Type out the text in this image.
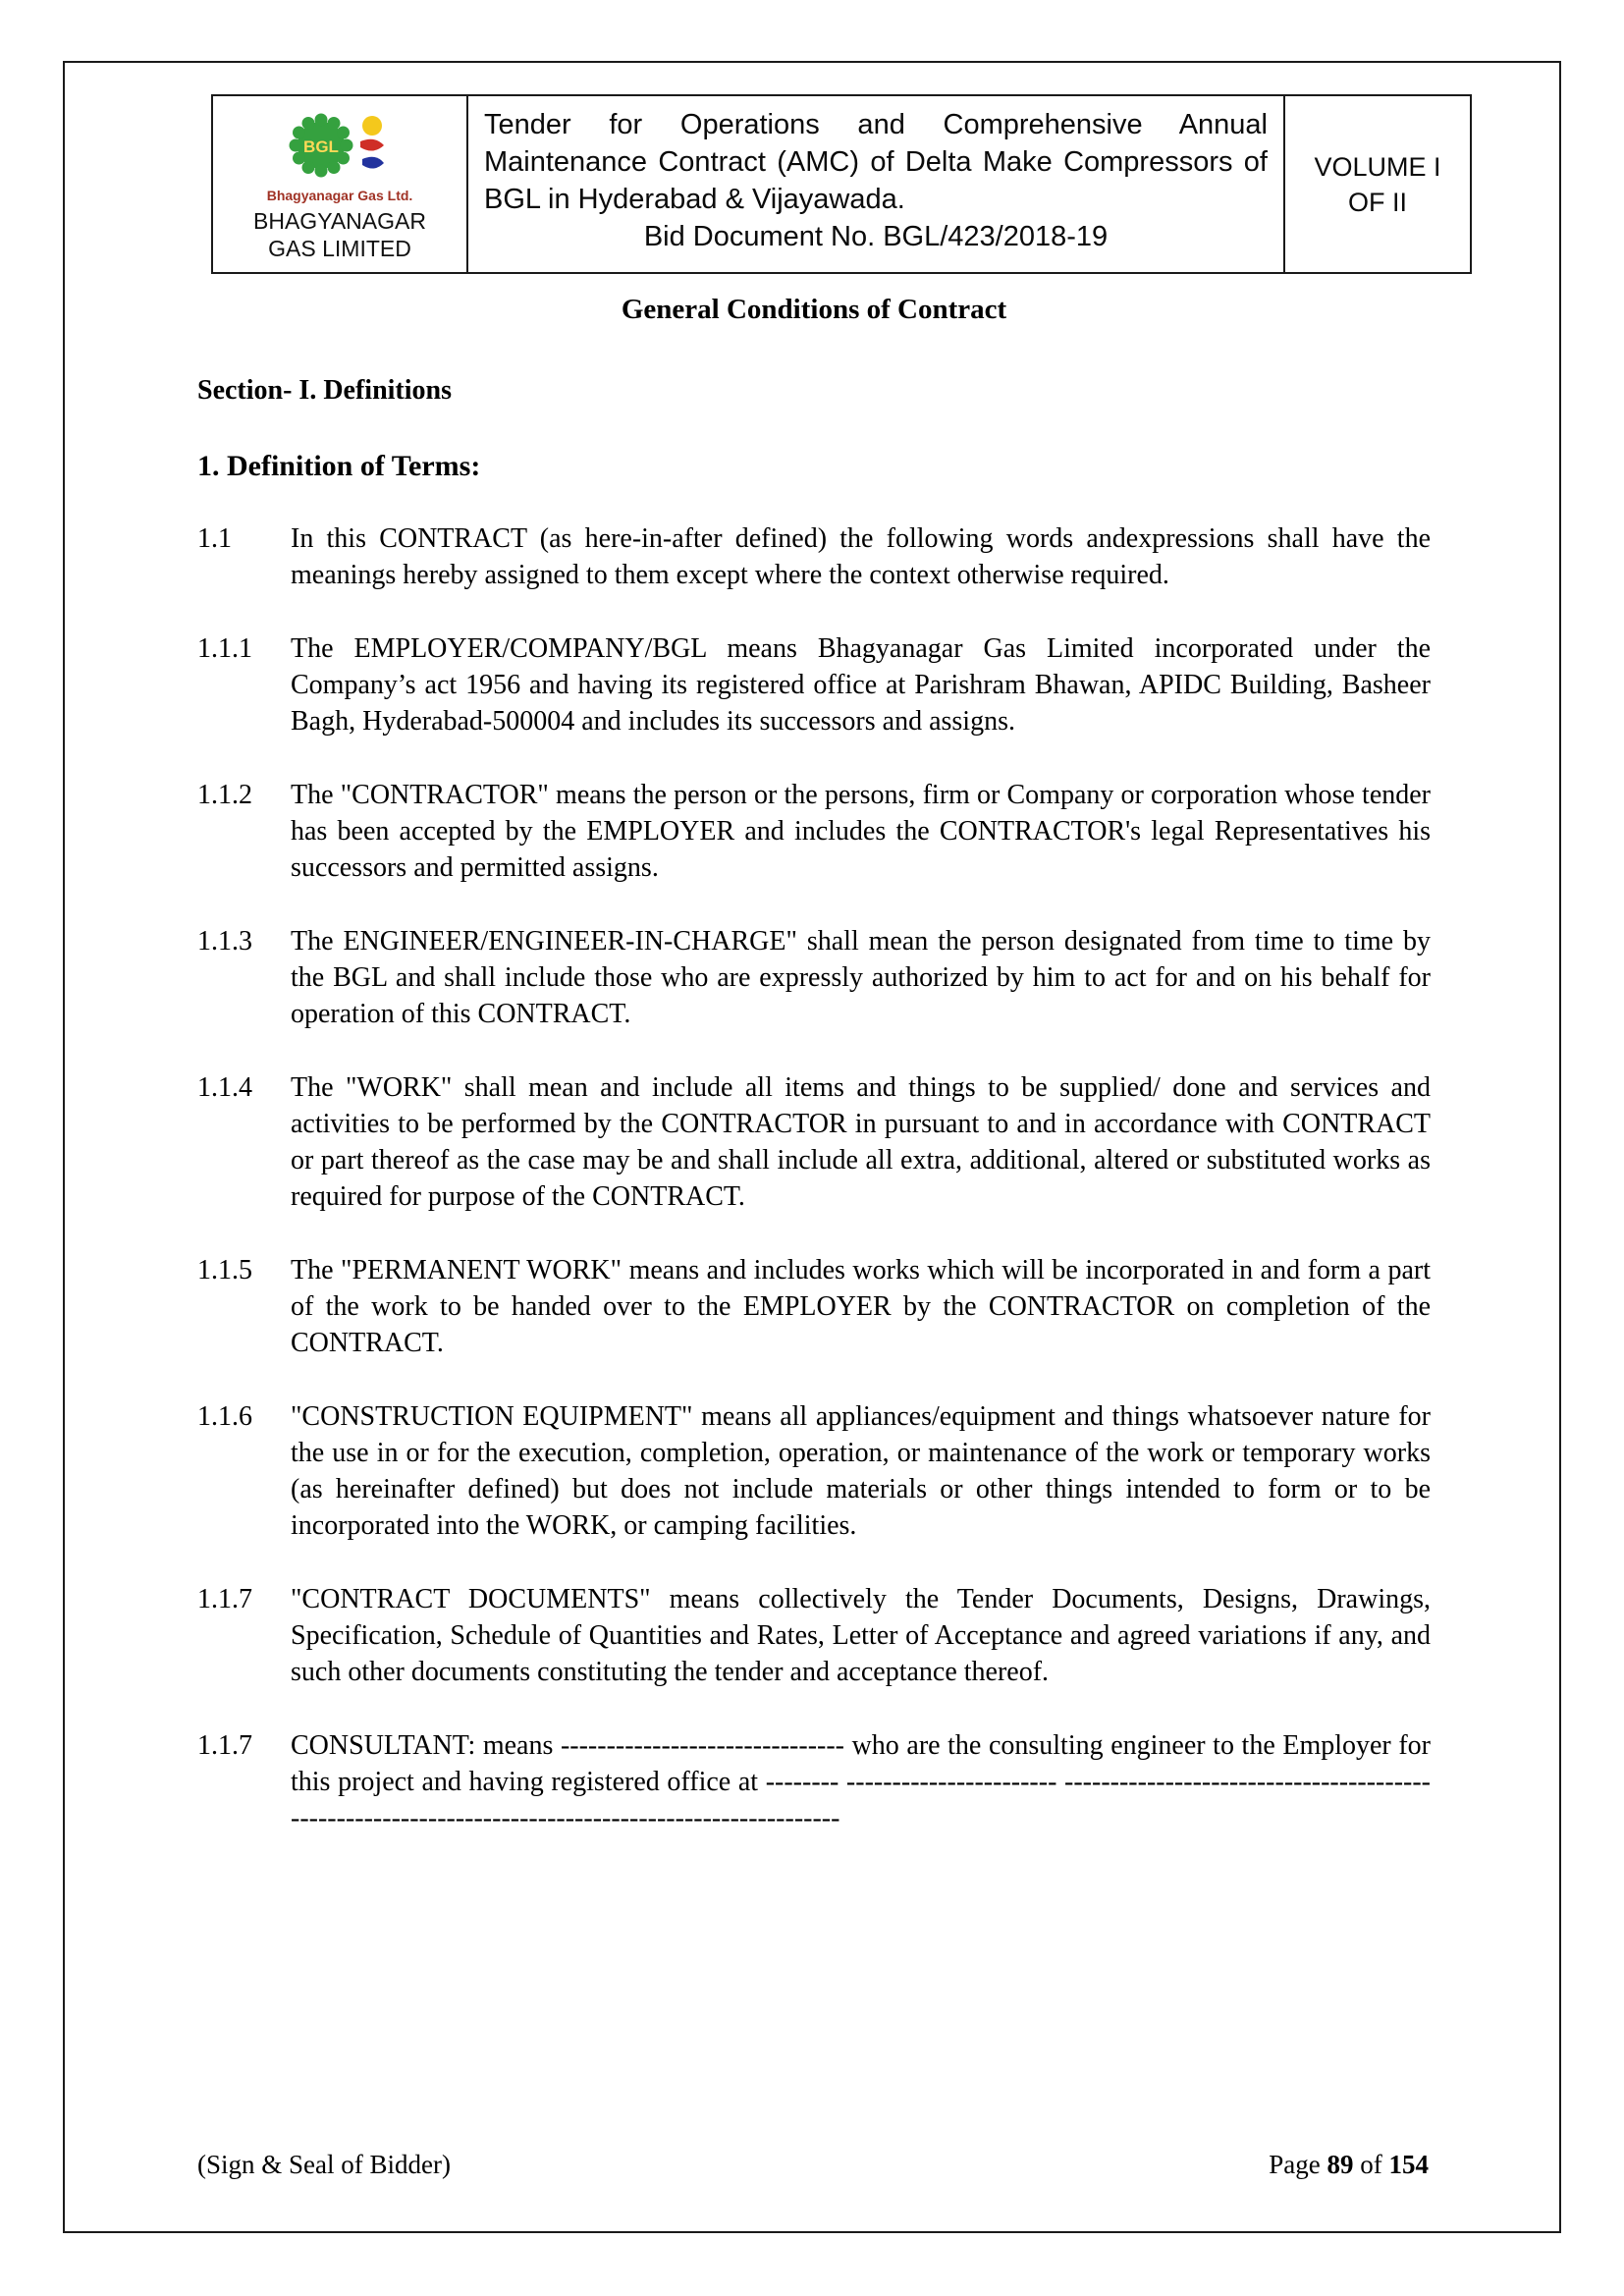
BGL
Bhagyanagar Gas Ltd.
BHAGYANAGAR GAS LIMITED
Tender for Operations and Comprehensive Annual Maintenance Contract (AMC) of Delta Make Compressors of BGL in Hyderabad & Vijayawada.
Bid Document No. BGL/423/2018-19
VOLUME I
OF II
General Conditions of Contract
Section- I. Definitions
1. Definition of Terms:
1.1	In this CONTRACT (as here-in-after defined) the following words andexpressions shall have the meanings hereby assigned to them except where the context otherwise required.
1.1.1	The EMPLOYER/COMPANY/BGL means Bhagyanagar Gas Limited incorporated under the Company’s act 1956 and having its registered office at Parishram Bhawan, APIDC Building, Basheer Bagh, Hyderabad-500004 and includes its successors and assigns.
1.1.2	The "CONTRACTOR" means the person or the persons, firm or Company or corporation whose tender has been accepted by the EMPLOYER and includes the CONTRACTOR's legal Representatives his successors and permitted assigns.
1.1.3	The ENGINEER/ENGINEER-IN-CHARGE" shall mean the person designated from time to time by the BGL and shall include those who are expressly authorized by him to act for and on his behalf for operation of this CONTRACT.
1.1.4	The "WORK" shall mean and include all items and things to be supplied/ done and services and activities to be performed by the CONTRACTOR in pursuant to and in accordance with CONTRACT or part thereof as the case may be and shall include all extra, additional, altered or substituted works as required for purpose of the CONTRACT.
1.1.5	The "PERMANENT WORK" means and includes works which will be incorporated in and form a part of the work to be handed over to the EMPLOYER by the CONTRACTOR on completion of the CONTRACT.
1.1.6	"CONSTRUCTION EQUIPMENT" means all appliances/equipment and things whatsoever nature for the use in or for the execution, completion, operation, or maintenance of the work or temporary works (as hereinafter defined) but does not include materials or other things intended to form or to be incorporated into the WORK, or camping facilities.
1.1.7	"CONTRACT DOCUMENTS" means collectively the Tender Documents, Designs, Drawings, Specification, Schedule of Quantities and Rates, Letter of Acceptance and agreed variations if any, and such other documents constituting the tender and acceptance thereof.
1.1.7	CONSULTANT: means ------------------------------- who are the consulting engineer to the Employer for this project and having registered office at -------- ----------------------- ----------------------------------------------------------------------------------------------------
(Sign & Seal of Bidder)	Page 89 of 154
